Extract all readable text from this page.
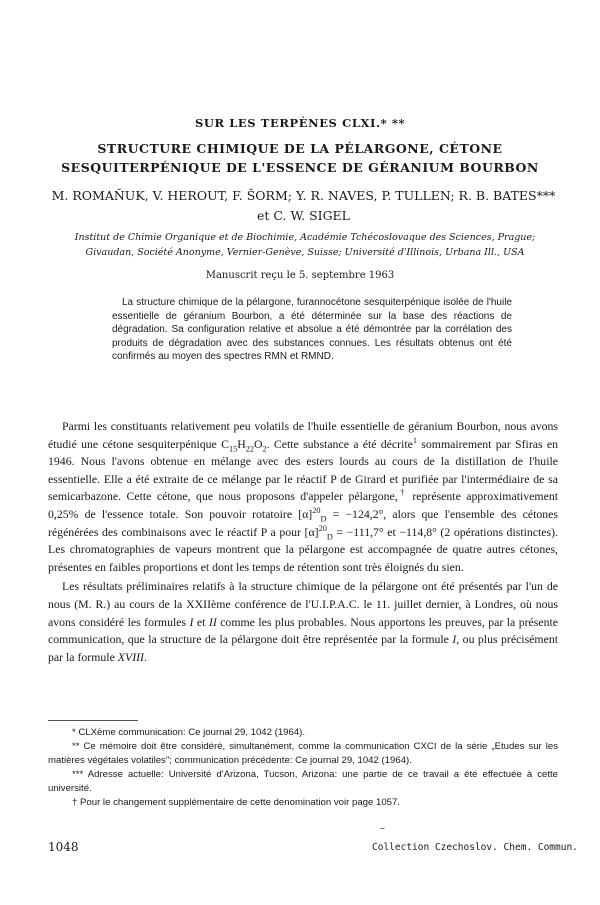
SUR LES TERPÈNES CLXI.* **
STRUCTURE CHIMIQUE DE LA PÉLARGONE, CÉTONE
SESQUITERPÉNIQUE DE L'ESSENCE DE GÉRANIUM BOURBON
M. ROMAŇUK, V. HEROUT, F. ŠORM; Y. R. NAVES, P. TULLEN; R. B. BATES***
et C. W. SIGEL
Institut de Chimie Organique et de Biochimie, Académie Tchécoslovaque des Sciences, Prague;
Givaudan, Société Anonyme, Vernier-Genève, Suisse; Université d'Illinois, Urbana Ill., USA
Manuscrit reçu le 5. septembre 1963

La structure chimique de la pélargone, furannocétone sesquiterpénique isolée de l'huile essentielle de géranium Bourbon, a été déterminée sur la base des réactions de dégradation. Sa configuration relative et absolue a été démontrée par la corrélation des produits de dégradation avec des substances connues. Les résultats obtenus ont été confirmés au moyen des spectres RMN et RMND.

Parmi les constituants relativement peu volatils de l'huile essentielle de géranium Bourbon, nous avons étudié une cétone sesquiterpénique $C_{15}H_{22}O_2$. Cette substance a été décrite$^1$ sommairement par Sfiras en 1946. Nous l'avons obtenue en mélange avec des esters lourds au cours de la distillation de l'huile essentielle. Elle a été extraite de ce mélange par le réactif P de Girard et purifiée par l'intermédiaire de sa semicarbazone. Cette cétone, que nous proposons d'appeler pélargone,† représente approximativement 0,25% de l'essence totale. Son pouvoir rotatoire $[\alpha]^{20}_D = -124,2^\circ$, alors que l'ensemble des cétones régénérées des combinaisons avec le réactif P a pour $[\alpha]^{20}_D = -111,7^\circ$ et −114,8° (2 opérations distinctes). Les chromatographies de vapeurs montrent que la pélargone est accompagnée de quatre autres cétones, présentes en faibles proportions et dont les temps de rétention sont très éloignés du sien.

Les résultats préliminaires relatifs à la structure chimique de la pélargone ont été présentés par l'un de nous (M. R.) au cours de la XXIIème conférence de l'U.I.P.A.C. le 11. juillet dernier, à Londres, où nous avons considéré les formules I et II comme les plus probables. Nous apportons les preuves, par la présente communication, que la structure de la pélargone doit être représentée par la formule I, ou plus précisément par la formule XVIII.

* CLXème communication: Ce journal 29, 1042 (1964).

** Ce mémoire doit être considéré, simultanément, comme la communication CXCI de la série „Etudes sur les matières végétales volatiles"; communication précédente: Ce journal 29, 1042 (1964).

*** Adresse actuelle: Université d'Arizona, Tucson, Arizona: une partie de ce travail a été effectuée à cette université.

† Pour le changement supplémentaire de cette denomination voir page 1057.

–
1048	Collection Czechoslov. Chem. Commun.
